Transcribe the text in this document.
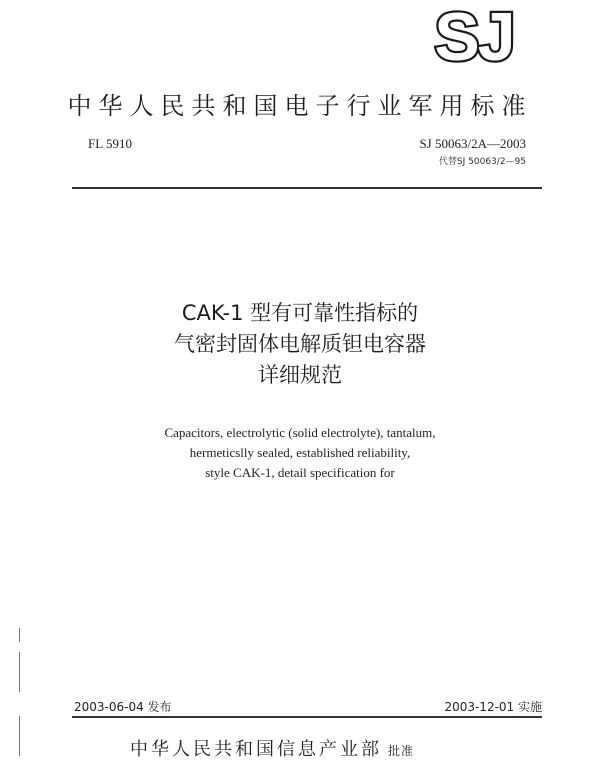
SJ
中华人民共和国电子行业军用标准
FL 5910	SJ 50063/2A—2003
代替SJ 50063/2—95
CAK-1 型有可靠性指标的
气密封固体电解质钽电容器
详细规范
Capacitors, electrolytic (solid electrolyte), tantalum,
hermeticslly sealed, established reliability,
style CAK-1, detail specification for
2003-06-04 发布	2003-12-01 实施
中华人民共和国信息产业部 批准
